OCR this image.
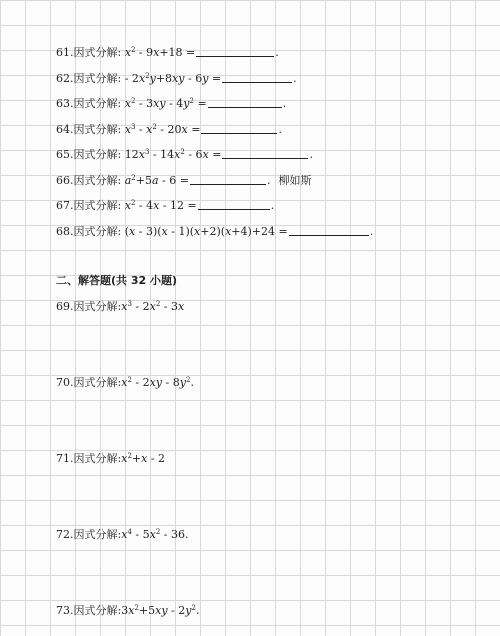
61.因式分解: $x^2 - 9x+18$ =	.
62.因式分解: - $2x^2y+8xy - 6y$ =	.
63.因式分解: $x^2 - 3xy - 4y^2$ =	.
64.因式分解: $x^3 - x^2 - 20x$ =	.
65.因式分解: $12x^3 - 14x^2 - 6x$ =	.
66.因式分解: $a^2+5a - 6$ =	. 柳如斯
67.因式分解: $x^2 - 4x - 12$ =	.
68.因式分解: (x - 3)(x - 1)(x+2)(x+4)+24 =	.
二、解答题(共 32 小题)
69.因式分解$:x^3 - 2x^2 - 3x$
70.因式分解$:x^2 - 2xy - 8y^2$.
71.因式分解$:x^2+x - 2$
72.因式分解$:x^4 - 5x^2 - 36$.
73.因式分解$:3x^2+5xy - 2y^2$.
